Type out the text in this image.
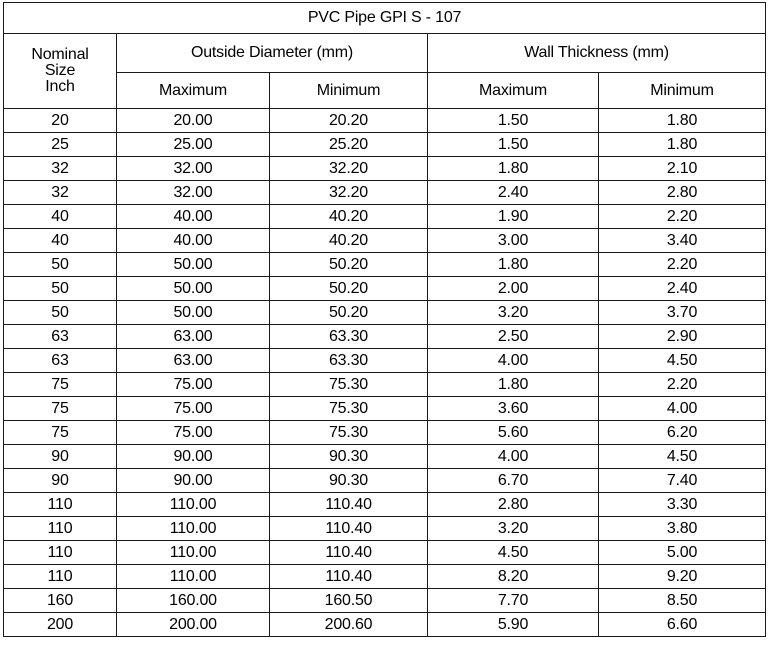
PVC Pipe GPI S - 107				

Nominal
Size
Inch	Outside Diameter (mm)		Wall Thickness (mm)	
	Maximum	Minimum	Maximum	Minimum
20	20.00	20.20	1.50	1.80
25	25.00	25.20	1.50	1.80
32	32.00	32.20	1.80	2.10
32	32.00	32.20	2.40	2.80
40	40.00	40.20	1.90	2.20
40	40.00	40.20	3.00	3.40
50	50.00	50.20	1.80	2.20
50	50.00	50.20	2.00	2.40
50	50.00	50.20	3.20	3.70
63	63.00	63.30	2.50	2.90
63	63.00	63.30	4.00	4.50
75	75.00	75.30	1.80	2.20
75	75.00	75.30	3.60	4.00
75	75.00	75.30	5.60	6.20
90	90.00	90.30	4.00	4.50
90	90.00	90.30	6.70	7.40
110	110.00	110.40	2.80	3.30
110	110.00	110.40	3.20	3.80
110	110.00	110.40	4.50	5.00
110	110.00	110.40	8.20	9.20
160	160.00	160.50	7.70	8.50
200	200.00	200.60	5.90	6.60
